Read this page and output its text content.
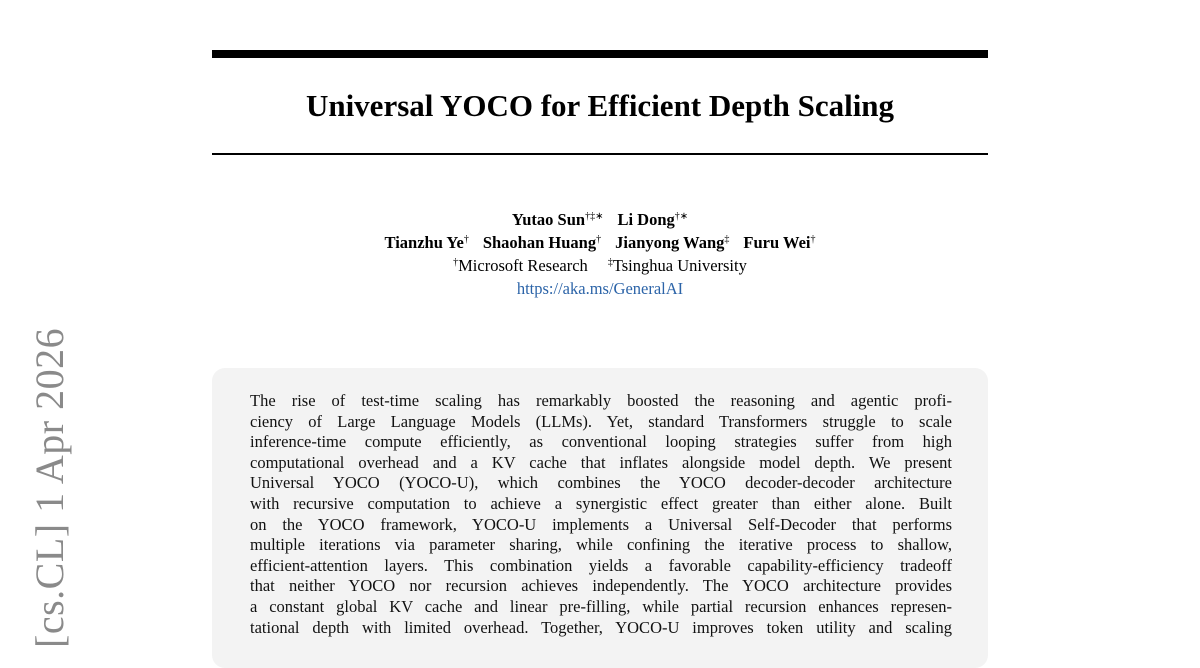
[cs.CL] 1 Apr 2026
Universal YOCO for Efficient Depth Scaling
Yutao Sun†‡∗ Li Dong†∗
Tianzhu Ye† Shaohan Huang† Jianyong Wang‡ Furu Wei†
†Microsoft Research ‡Tsinghua University
https://aka.ms/GeneralAI
The rise of test-time scaling has remarkably boosted the reasoning and agentic profi-
ciency of Large Language Models (LLMs). Yet, standard Transformers struggle to scale
inference-time compute efficiently, as conventional looping strategies suffer from high
computational overhead and a KV cache that inflates alongside model depth. We present
Universal YOCO (YOCO-U), which combines the YOCO decoder-decoder architecture
with recursive computation to achieve a synergistic effect greater than either alone. Built
on the YOCO framework, YOCO-U implements a Universal Self-Decoder that performs
multiple iterations via parameter sharing, while confining the iterative process to shallow,
efficient-attention layers. This combination yields a favorable capability-efficiency tradeoff
that neither YOCO nor recursion achieves independently. The YOCO architecture provides
a constant global KV cache and linear pre-filling, while partial recursion enhances represen-
tational depth with limited overhead. Together, YOCO-U improves token utility and scaling
